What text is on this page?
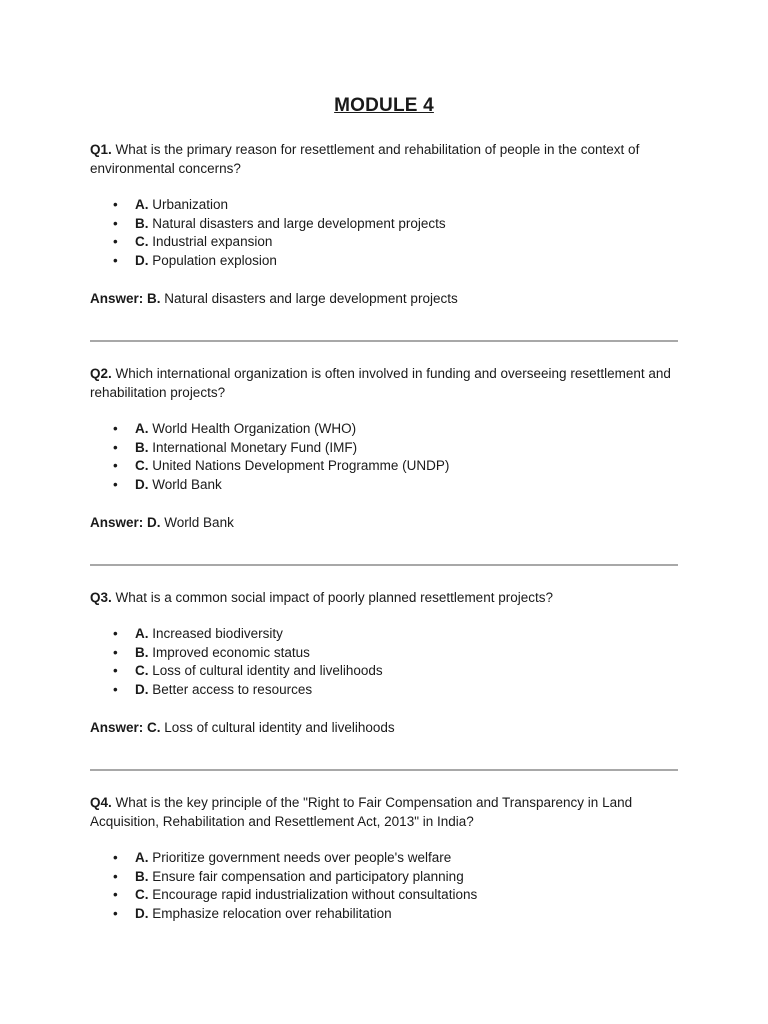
MODULE 4

Q1. What is the primary reason for resettlement and rehabilitation of people in the context of environmental concerns?

• A. Urbanization
• B. Natural disasters and large development projects
• C. Industrial expansion
• D. Population explosion
Answer: B. Natural disasters and large development projects

Q2. Which international organization is often involved in funding and overseeing resettlement and rehabilitation projects?

• A. World Health Organization (WHO)
• B. International Monetary Fund (IMF)
• C. United Nations Development Programme (UNDP)
• D. World Bank
Answer: D. World Bank

Q3. What is a common social impact of poorly planned resettlement projects?

• A. Increased biodiversity
• B. Improved economic status
• C. Loss of cultural identity and livelihoods
• D. Better access to resources
Answer: C. Loss of cultural identity and livelihoods

Q4. What is the key principle of the "Right to Fair Compensation and Transparency in Land Acquisition, Rehabilitation and Resettlement Act, 2013" in India?

• A. Prioritize government needs over people's welfare
• B. Ensure fair compensation and participatory planning
• C. Encourage rapid industrialization without consultations
• D. Emphasize relocation over rehabilitation
